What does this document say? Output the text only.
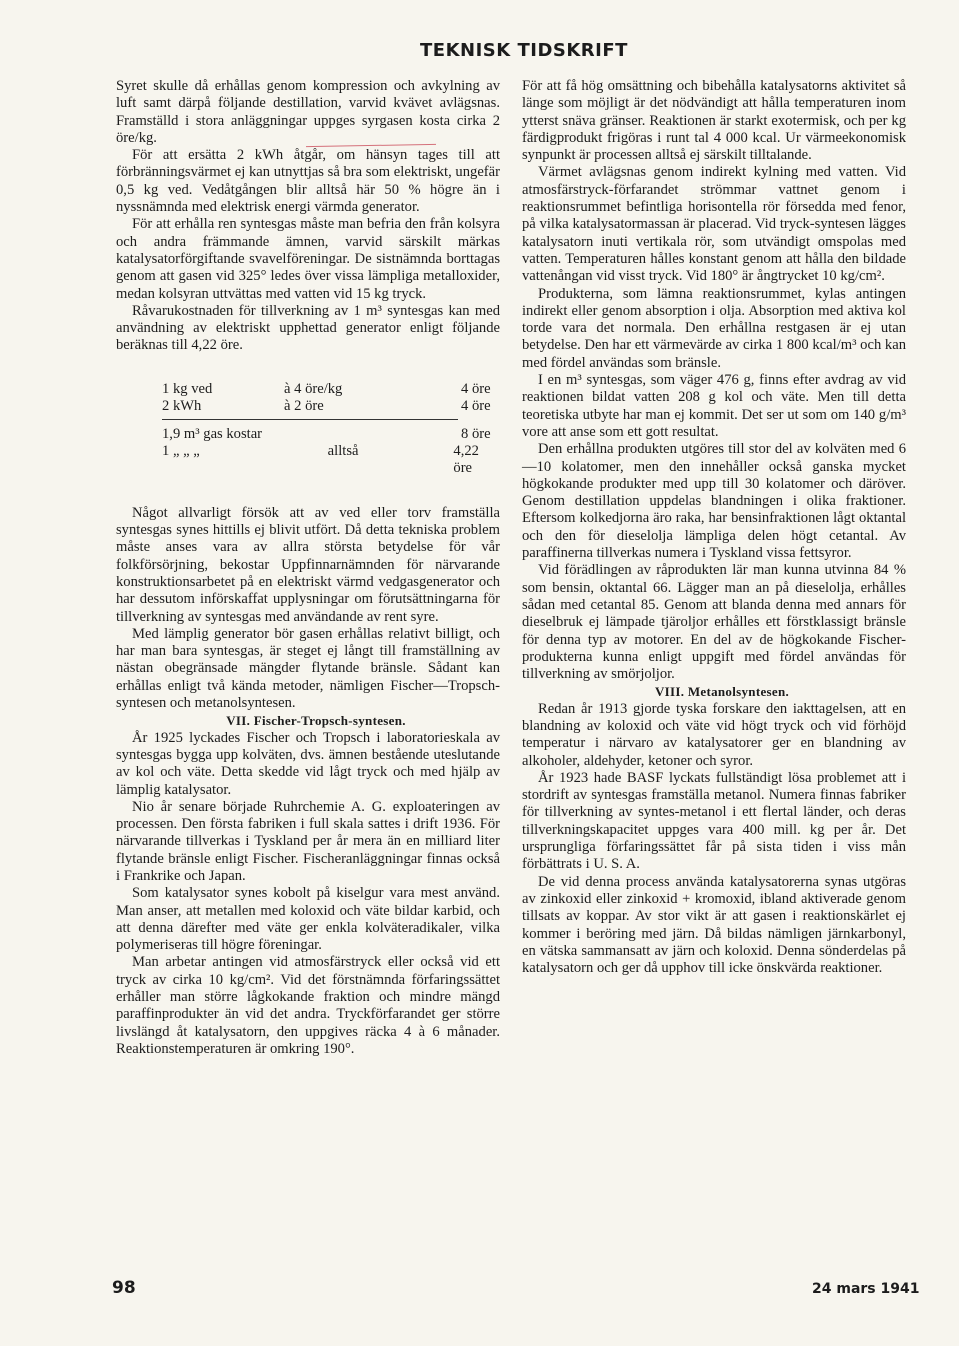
TEKNISK TIDSKRIFT

Syret skulle då erhållas genom kompression och avkylning av luft samt därpå följande destillation, varvid kvävet avlägsnas. Framställd i stora anläggningar uppges syrgasen kosta cirka 2 öre/kg.

För att ersätta 2 kWh åtgår, om hänsyn tages till att förbränningsvärmet ej kan utnyttjas så bra som elektriskt, ungefär 0,5 kg ved. Vedåtgången blir alltså här 50 % högre än i nyssnämnda med elektrisk energi värmda generator.

För att erhålla ren syntesgas måste man befria den från kolsyra och andra främmande ämnen, varvid särskilt märkas katalysatorförgiftande svavelföreningar. De sistnämnda borttagas genom att gasen vid 325° ledes över vissa lämpliga metalloxider, medan kolsyran uttvättas med vatten vid 15 kg tryck.

Råvarukostnaden för tillverkning av 1 m³ syntesgas kan med användning av elektriskt upphettad generator enligt följande beräknas till 4,22 öre.

1 kg ved	à 4 öre/kg	4 öre
2 kWh	à 2 öre	4 öre
1,9 m³ gas kostar	8 öre
1 „ „ „	alltså	4,22 öre

Något allvarligt försök att av ved eller torv framställa syntesgas synes hittills ej blivit utfört. Då detta tekniska problem måste anses vara av allra största betydelse för vår folkförsörjning, bekostar Uppfinnarnämnden för närvarande konstruktionsarbetet på en elektriskt värmd vedgasgenerator och har dessutom införskaffat upplysningar om förutsättningarna för tillverkning av syntesgas med användande av rent syre.

Med lämplig generator bör gasen erhållas relativt billigt, och har man bara syntesgas, är steget ej långt till framställning av nästan obegränsade mängder flytande bränsle. Sådant kan erhållas enligt två kända metoder, nämligen Fischer—Tropsch-syntesen och metanolsyntesen.

VII. Fischer-Tropsch-syntesen.

År 1925 lyckades Fischer och Tropsch i laboratorieskala av syntesgas bygga upp kolväten, dvs. ämnen bestående uteslutande av kol och väte. Detta skedde vid lågt tryck och med hjälp av lämplig katalysator.

Nio år senare började Ruhrchemie A. G. exploateringen av processen. Den första fabriken i full skala sattes i drift 1936. För närvarande tillverkas i Tyskland per år mera än en milliard liter flytande bränsle enligt Fischer. Fischeranläggningar finnas också i Frankrike och Japan.

Som katalysator synes kobolt på kiselgur vara mest använd. Man anser, att metallen med koloxid och väte bildar karbid, och att denna därefter med väte ger enkla kolväteradikaler, vilka polymeriseras till högre föreningar.

Man arbetar antingen vid atmosfärstryck eller också vid ett tryck av cirka 10 kg/cm². Vid det förstnämnda förfaringssättet erhåller man större lågkokande fraktion och mindre mängd paraffinprodukter än vid det andra. Tryckförfarandet ger större livslängd åt katalysatorn, den uppgives räcka 4 à 6 månader. Reaktionstemperaturen är omkring 190°.

För att få hög omsättning och bibehålla katalysatorns aktivitet så länge som möjligt är det nödvändigt att hålla temperaturen inom ytterst snäva gränser. Reaktionen är starkt exotermisk, och per kg färdigprodukt frigöras i runt tal 4 000 kcal. Ur värmeekonomisk synpunkt är processen alltså ej särskilt tilltalande.

Värmet avlägsnas genom indirekt kylning med vatten. Vid atmosfärstryck-förfarandet strömmar vattnet genom i reaktionsrummet befintliga horisontella rör försedda med fenor, på vilka katalysatormassan är placerad. Vid tryck-syntesen lägges katalysatorn inuti vertikala rör, som utvändigt omspolas med vatten. Temperaturen hålles konstant genom att hålla den bildade vattenångan vid visst tryck. Vid 180° är ångtrycket 10 kg/cm².

Produkterna, som lämna reaktionsrummet, kylas antingen indirekt eller genom absorption i olja. Absorption med aktiva kol torde vara det normala. Den erhållna restgasen är ej utan betydelse. Den har ett värmevärde av cirka 1 800 kcal/m³ och kan med fördel användas som bränsle.

I en m³ syntesgas, som väger 476 g, finns efter avdrag av vid reaktionen bildat vatten 208 g kol och väte. Men till detta teoretiska utbyte har man ej kommit. Det ser ut som om 140 g/m³ vore att anse som ett gott resultat.

Den erhållna produkten utgöres till stor del av kolväten med 6—10 kolatomer, men den innehåller också ganska mycket högkokande produkter med upp till 30 kolatomer och däröver. Genom destillation uppdelas blandningen i olika fraktioner. Eftersom kolkedjorna äro raka, har bensinfraktionen lågt oktantal och den för dieselolja lämpliga delen högt cetantal. Av paraffinerna tillverkas numera i Tyskland vissa fettsyror.

Vid förädlingen av råprodukten lär man kunna utvinna 84 % som bensin, oktantal 66. Lägger man an på dieselolja, erhålles sådan med cetantal 85. Genom att blanda denna med annars för dieselbruk ej lämpade tjäroljor erhålles ett förstklassigt bränsle för denna typ av motorer. En del av de högkokande Fischer-produkterna kunna enligt uppgift med fördel användas för tillverkning av smörjoljor.

VIII. Metanolsyntesen.

Redan år 1913 gjorde tyska forskare den iakttagelsen, att en blandning av koloxid och väte vid högt tryck och vid förhöjd temperatur i närvaro av katalysatorer ger en blandning av alkoholer, aldehyder, ketoner och syror.

År 1923 hade BASF lyckats fullständigt lösa problemet att i stordrift av syntesgas framställa metanol. Numera finnas fabriker för tillverkning av syntes-metanol i ett flertal länder, och deras tillverkningskapacitet uppges vara 400 mill. kg per år. Det ursprungliga förfaringssättet får på sista tiden i viss mån förbättrats i U. S. A.

De vid denna process använda katalysatorerna synas utgöras av zinkoxid eller zinkoxid + kromoxid, ibland aktiverade genom tillsats av koppar. Av stor vikt är att gasen i reaktionskärlet ej kommer i beröring med järn. Då bildas nämligen järnkarbonyl, en vätska sammansatt av järn och koloxid. Denna sönderdelas på katalysatorn och ger då upphov till icke önskvärda reaktioner.

98	24 mars 1941
